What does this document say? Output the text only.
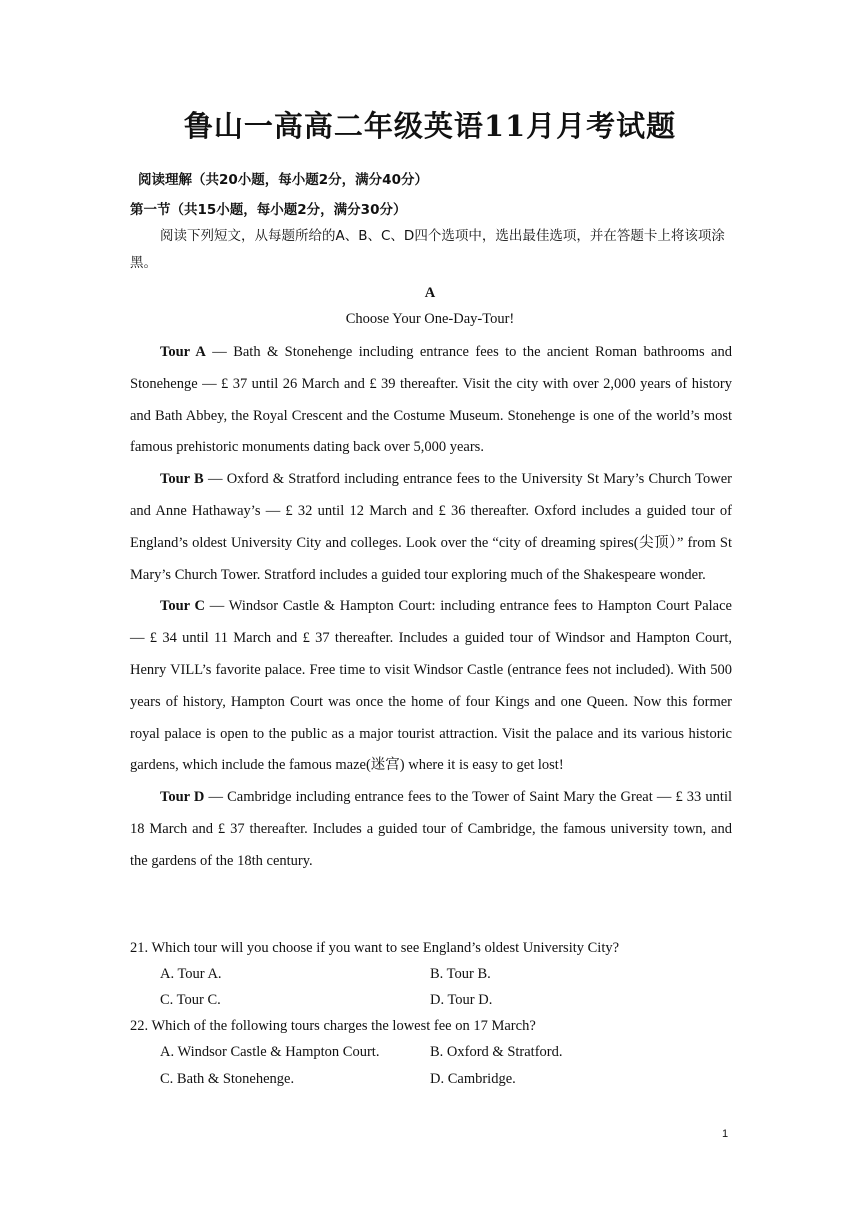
鲁山一高高二年级英语11月月考试题
阅读理解（共20小题，每小题2分，满分40分）
第一节（共15小题，每小题2分，满分30分）
阅读下列短文，从每题所给的A、B、C、D四个选项中，选出最佳选项，并在答题卡上将该项涂黑。
A
Choose Your One-Day-Tour!

Tour A — Bath & Stonehenge including entrance fees to the ancient Roman bathrooms and Stonehenge — £ 37 until 26 March and £ 39 thereafter. Visit the city with over 2,000 years of history and Bath Abbey, the Royal Crescent and the Costume Museum. Stonehenge is one of the world’s most famous prehistoric monuments dating back over 5,000 years.

Tour B — Oxford & Stratford including entrance fees to the University St Mary’s Church Tower and Anne Hathaway’s — £ 32 until 12 March and £ 36 thereafter. Oxford includes a guided tour of England’s oldest University City and colleges. Look over the “city of dreaming spires(尖顶）” from St Mary’s Church Tower. Stratford includes a guided tour exploring much of the Shakespeare wonder.

Tour C — Windsor Castle & Hampton Court: including entrance fees to Hampton Court Palace — £ 34 until 11 March and £ 37 thereafter. Includes a guided tour of Windsor and Hampton Court, Henry VILL’s favorite palace. Free time to visit Windsor Castle (entrance fees not included). With 500 years of history, Hampton Court was once the home of four Kings and one Queen. Now this former royal palace is open to the public as a major tourist attraction. Visit the palace and its various historic gardens, which include the famous maze(迷宫) where it is easy to get lost!

Tour D — Cambridge including entrance fees to the Tower of Saint Mary the Great — £ 33 until 18 March and £ 37 thereafter. Includes a guided tour of Cambridge, the famous university town, and the gardens of the 18th century.

21. Which tour will you choose if you want to see England’s oldest University City?
A. Tour A.	B. Tour B.
C. Tour C.	D. Tour D.
22. Which of the following tours charges the lowest fee on 17 March?
A. Windsor Castle & Hampton Court.	B. Oxford & Stratford.
C. Bath & Stonehenge.	D. Cambridge.
1
